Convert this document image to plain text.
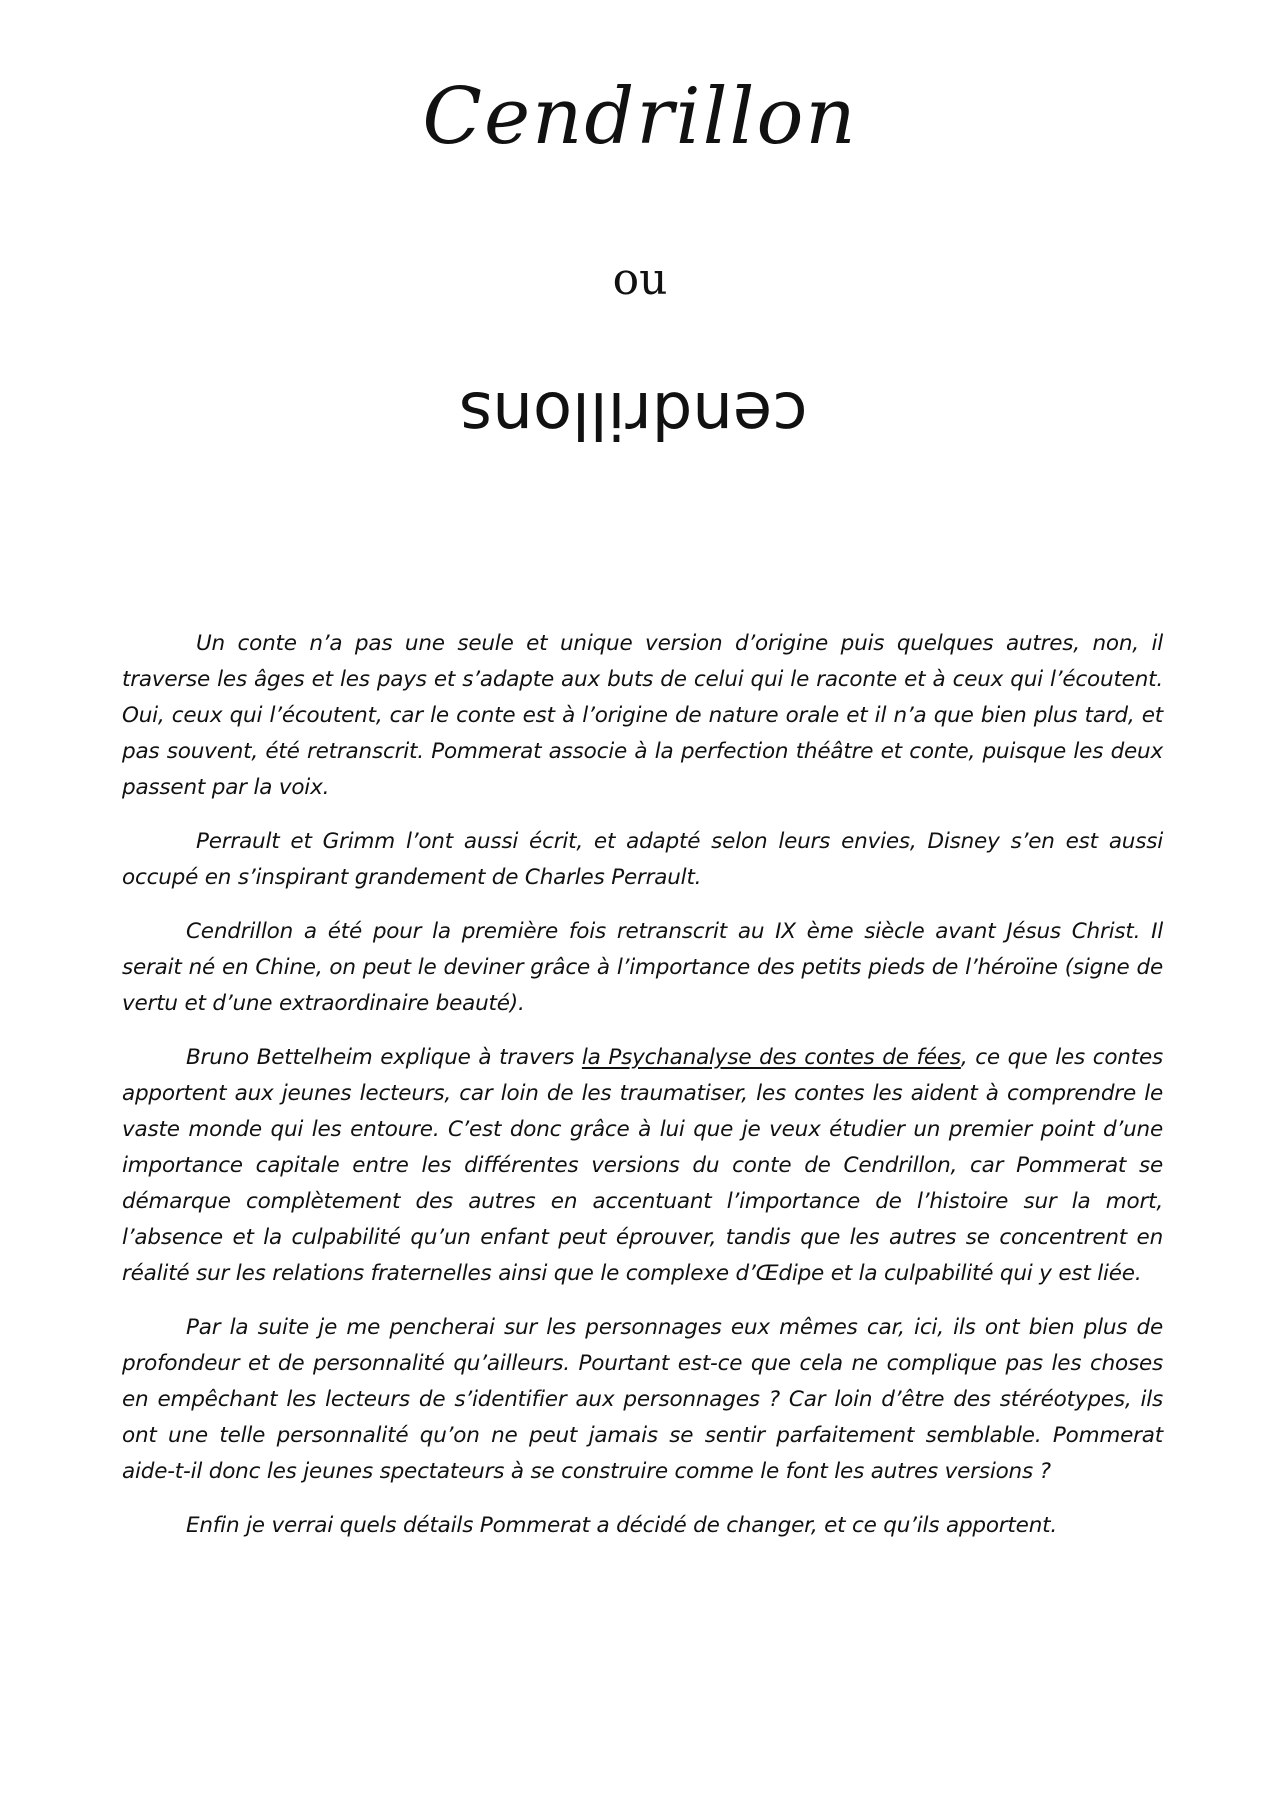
Cendrillon
ou
cendrillons

Un conte n’a pas une seule et unique version d’origine puis quelques autres, non, il traverse les âges et les pays et s’adapte aux buts de celui qui le raconte et à ceux qui l’écoutent. Oui, ceux qui l’écoutent, car le conte est à l’origine de nature orale et il n’a que bien plus tard, et pas souvent, été retranscrit. Pommerat associe à la perfection théâtre et conte, puisque les deux passent par la voix.

Perrault et Grimm l’ont aussi écrit, et adapté selon leurs envies, Disney s’en est aussi occupé en s’inspirant grandement de Charles Perrault.

Cendrillon a été pour la première fois retranscrit au IX ème siècle avant Jésus Christ. Il serait né en Chine, on peut le deviner grâce à l’importance des petits pieds de l’héroïne (signe de vertu et d’une extraordinaire beauté).

Bruno Bettelheim explique à travers la Psychanalyse des contes de fées, ce que les contes apportent aux jeunes lecteurs, car loin de les traumatiser, les contes les aident à comprendre le vaste monde qui les entoure. C’est donc grâce à lui que je veux étudier un premier point d’une importance capitale entre les différentes versions du conte de Cendrillon, car Pommerat se démarque complètement des autres en accentuant l’importance de l’histoire sur la mort, l’absence et la culpabilité qu’un enfant peut éprouver, tandis que les autres se concentrent en réalité sur les relations fraternelles ainsi que le complexe d’Œdipe et la culpabilité qui y est liée.

Par la suite je me pencherai sur les personnages eux mêmes car, ici, ils ont bien plus de profondeur et de personnalité qu’ailleurs. Pourtant est-ce que cela ne complique pas les choses en empêchant les lecteurs de s’identifier aux personnages ? Car loin d’être des stéréotypes, ils ont une telle personnalité qu’on ne peut jamais se sentir parfaitement semblable. Pommerat aide-t-il donc les jeunes spectateurs à se construire comme le font les autres versions ?

Enfin je verrai quels détails Pommerat a décidé de changer, et ce qu’ils apportent.
